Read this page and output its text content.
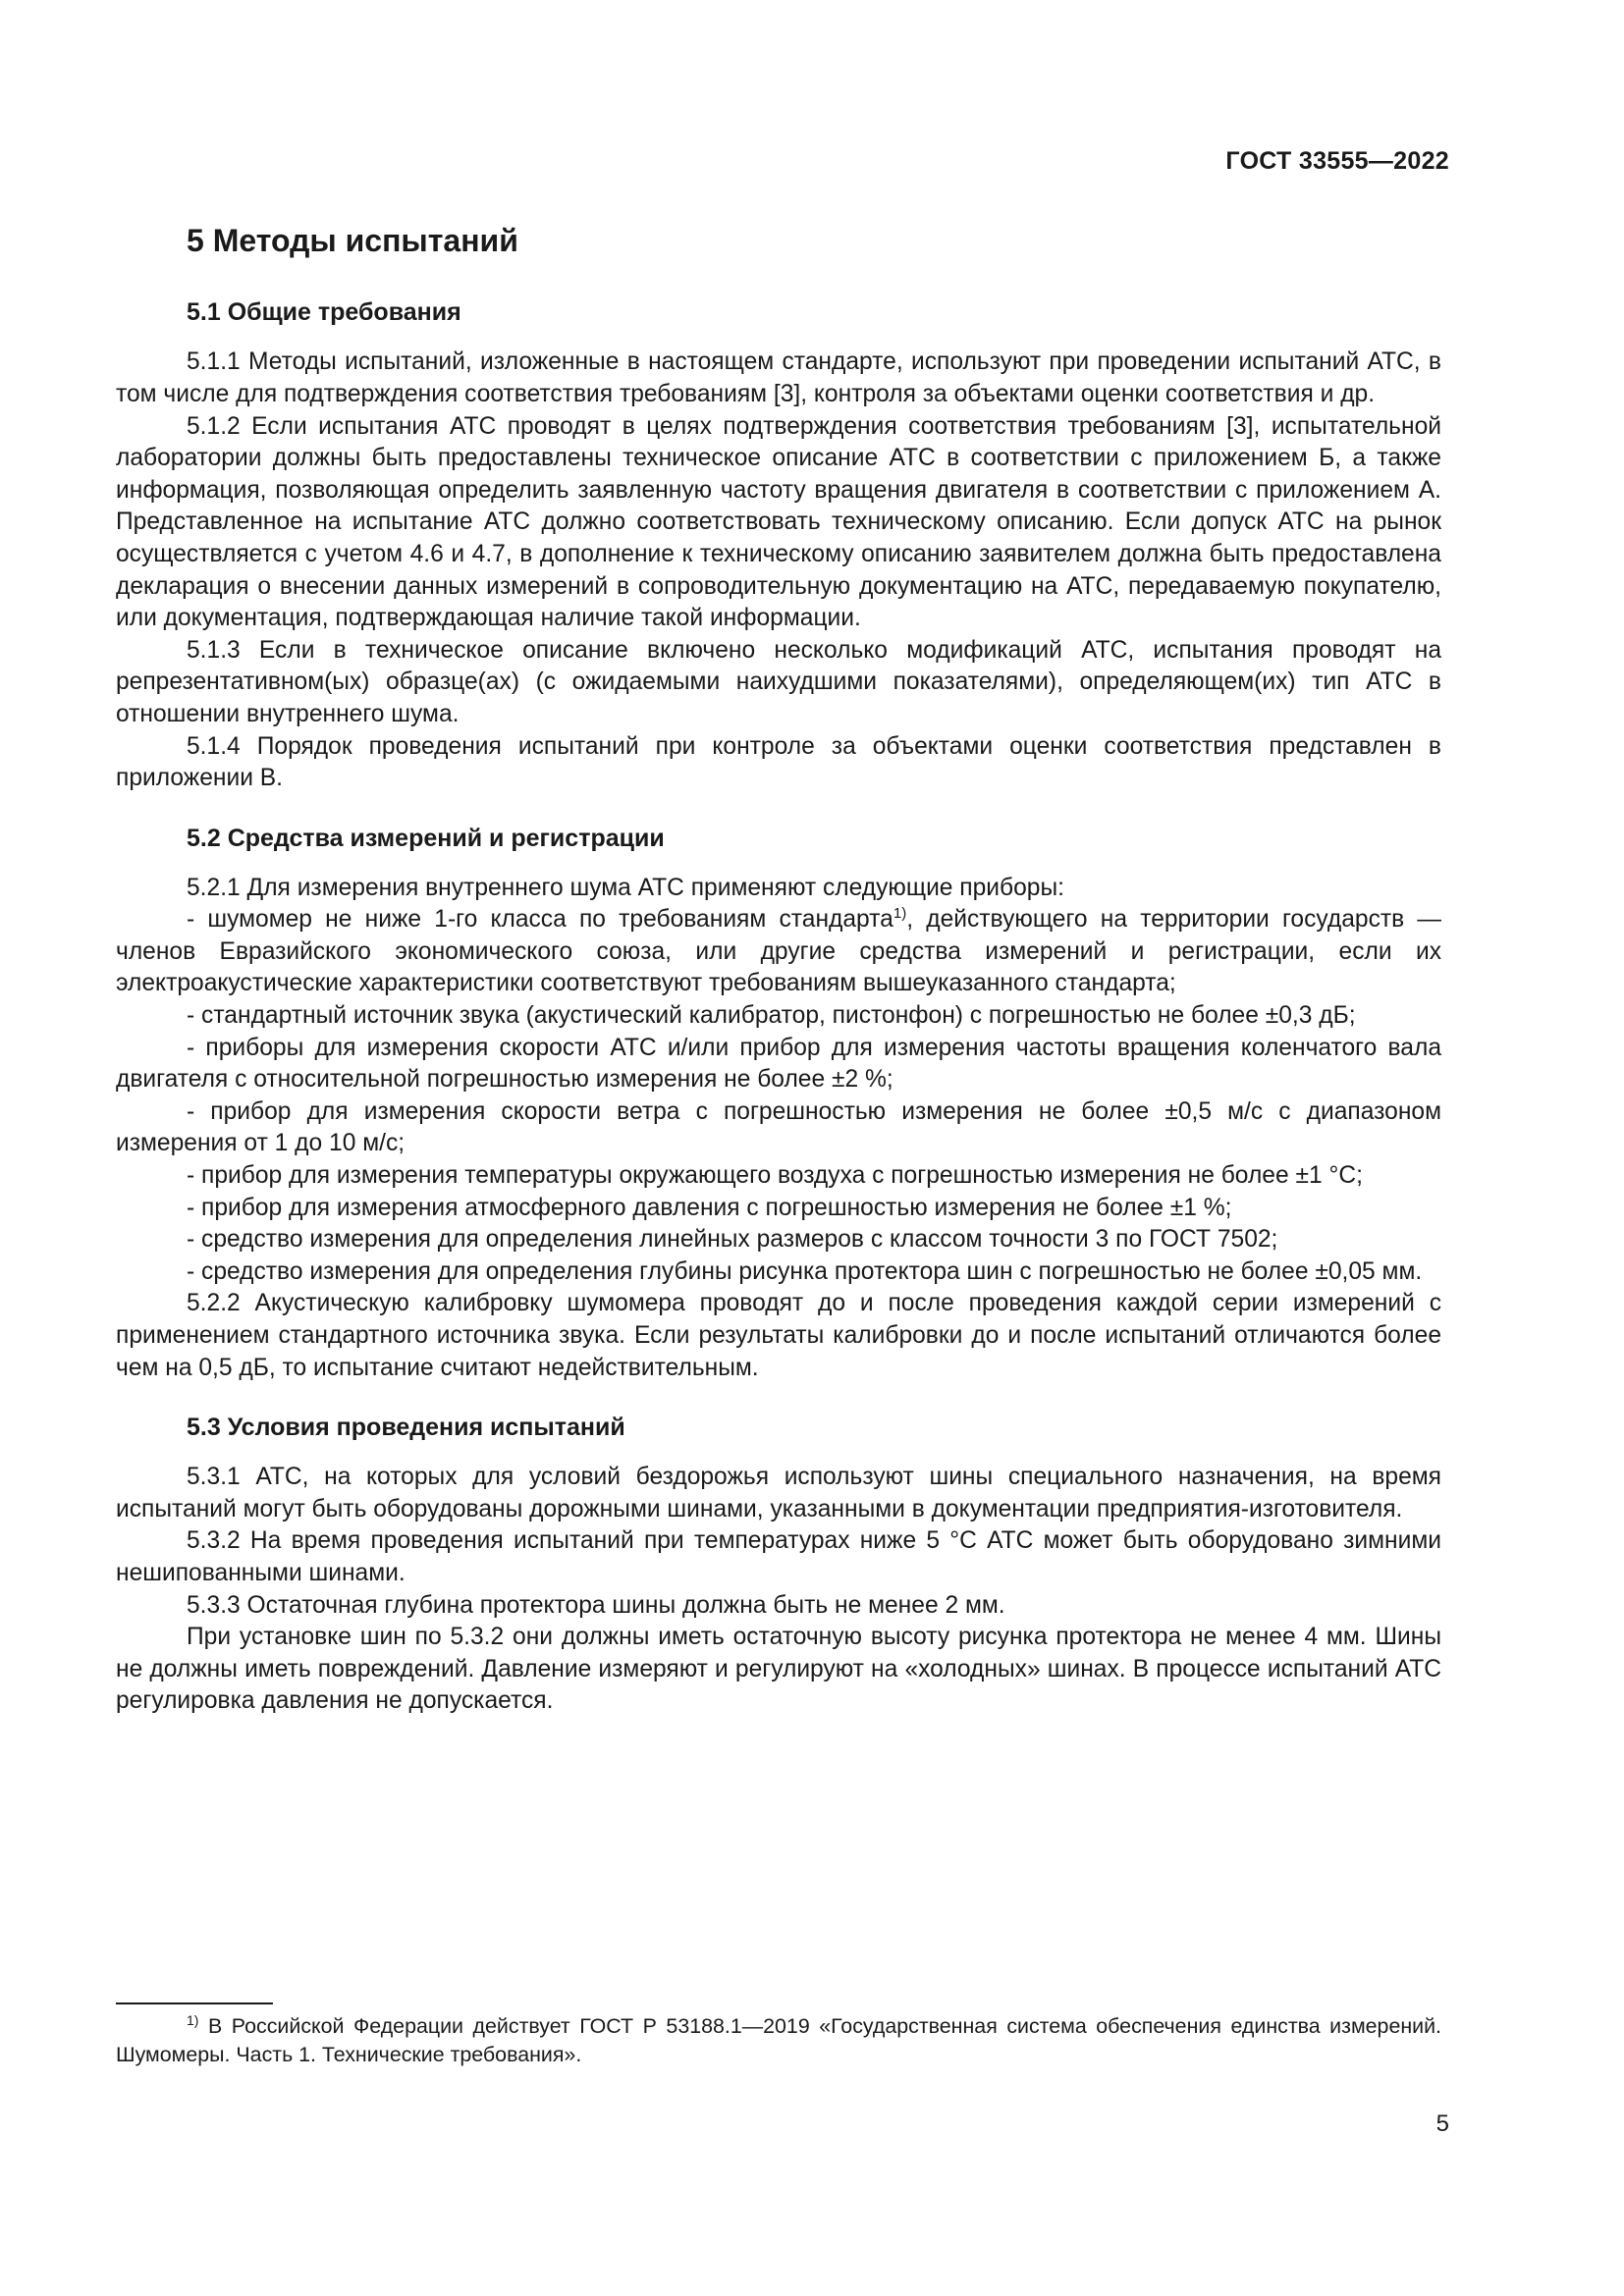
ГОСТ 33555—2022
5 Методы испытаний
5.1 Общие требования

5.1.1 Методы испытаний, изложенные в настоящем стандарте, используют при проведении испытаний АТС, в том числе для подтверждения соответствия требованиям [3], контроля за объектами оценки соответствия и др.

5.1.2 Если испытания АТС проводят в целях подтверждения соответствия требованиям [3], испытательной лаборатории должны быть предоставлены техническое описание АТС в соответствии с приложением Б, а также информация, позволяющая определить заявленную частоту вращения двигателя в соответствии с приложением А. Представленное на испытание АТС должно соответствовать техническому описанию. Если допуск АТС на рынок осуществляется с учетом 4.6 и 4.7, в дополнение к техническому описанию заявителем должна быть предоставлена декларация о внесении данных измерений в сопроводительную документацию на АТС, передаваемую покупателю, или документация, подтверждающая наличие такой информации.

5.1.3 Если в техническое описание включено несколько модификаций АТС, испытания проводят на репрезентативном(ых) образце(ах) (с ожидаемыми наихудшими показателями), определяющем(их) тип АТС в отношении внутреннего шума.

5.1.4 Порядок проведения испытаний при контроле за объектами оценки соответствия представлен в приложении В.

5.2 Средства измерений и регистрации

5.2.1 Для измерения внутреннего шума АТС применяют следующие приборы:

- шумомер не ниже 1-го класса по требованиям стандарта$^{1)}$, действующего на территории государств — членов Евразийского экономического союза, или другие средства измерений и регистрации, если их электроакустические характеристики соответствуют требованиям вышеуказанного стандарта;

- стандартный источник звука (акустический калибратор, пистонфон) с погрешностью не более ±0,3 дБ;

- приборы для измерения скорости АТС и/или прибор для измерения частоты вращения коленчатого вала двигателя с относительной погрешностью измерения не более ±2 %;

- прибор для измерения скорости ветра с погрешностью измерения не более ±0,5 м/с с диапазоном измерения от 1 до 10 м/с;

- прибор для измерения температуры окружающего воздуха с погрешностью измерения не более ±1 °С;

- прибор для измерения атмосферного давления с погрешностью измерения не более ±1 %;

- средство измерения для определения линейных размеров с классом точности 3 по ГОСТ 7502;

- средство измерения для определения глубины рисунка протектора шин с погрешностью не более ±0,05 мм.

5.2.2 Акустическую калибровку шумомера проводят до и после проведения каждой серии измерений с применением стандартного источника звука. Если результаты калибровки до и после испытаний отличаются более чем на 0,5 дБ, то испытание считают недействительным.

5.3 Условия проведения испытаний

5.3.1 АТС, на которых для условий бездорожья используют шины специального назначения, на время испытаний могут быть оборудованы дорожными шинами, указанными в документации предприятия-изготовителя.

5.3.2 На время проведения испытаний при температурах ниже 5 °С АТС может быть оборудовано зимними нешипованными шинами.

5.3.3 Остаточная глубина протектора шины должна быть не менее 2 мм.

При установке шин по 5.3.2 они должны иметь остаточную высоту рисунка протектора не менее 4 мм. Шины не должны иметь повреждений. Давление измеряют и регулируют на «холодных» шинах. В процессе испытаний АТС регулировка давления не допускается.

$^{1)}$ В Российской Федерации действует ГОСТ Р 53188.1—2019 «Государственная система обеспечения единства измерений. Шумомеры. Часть 1. Технические требования».

5
